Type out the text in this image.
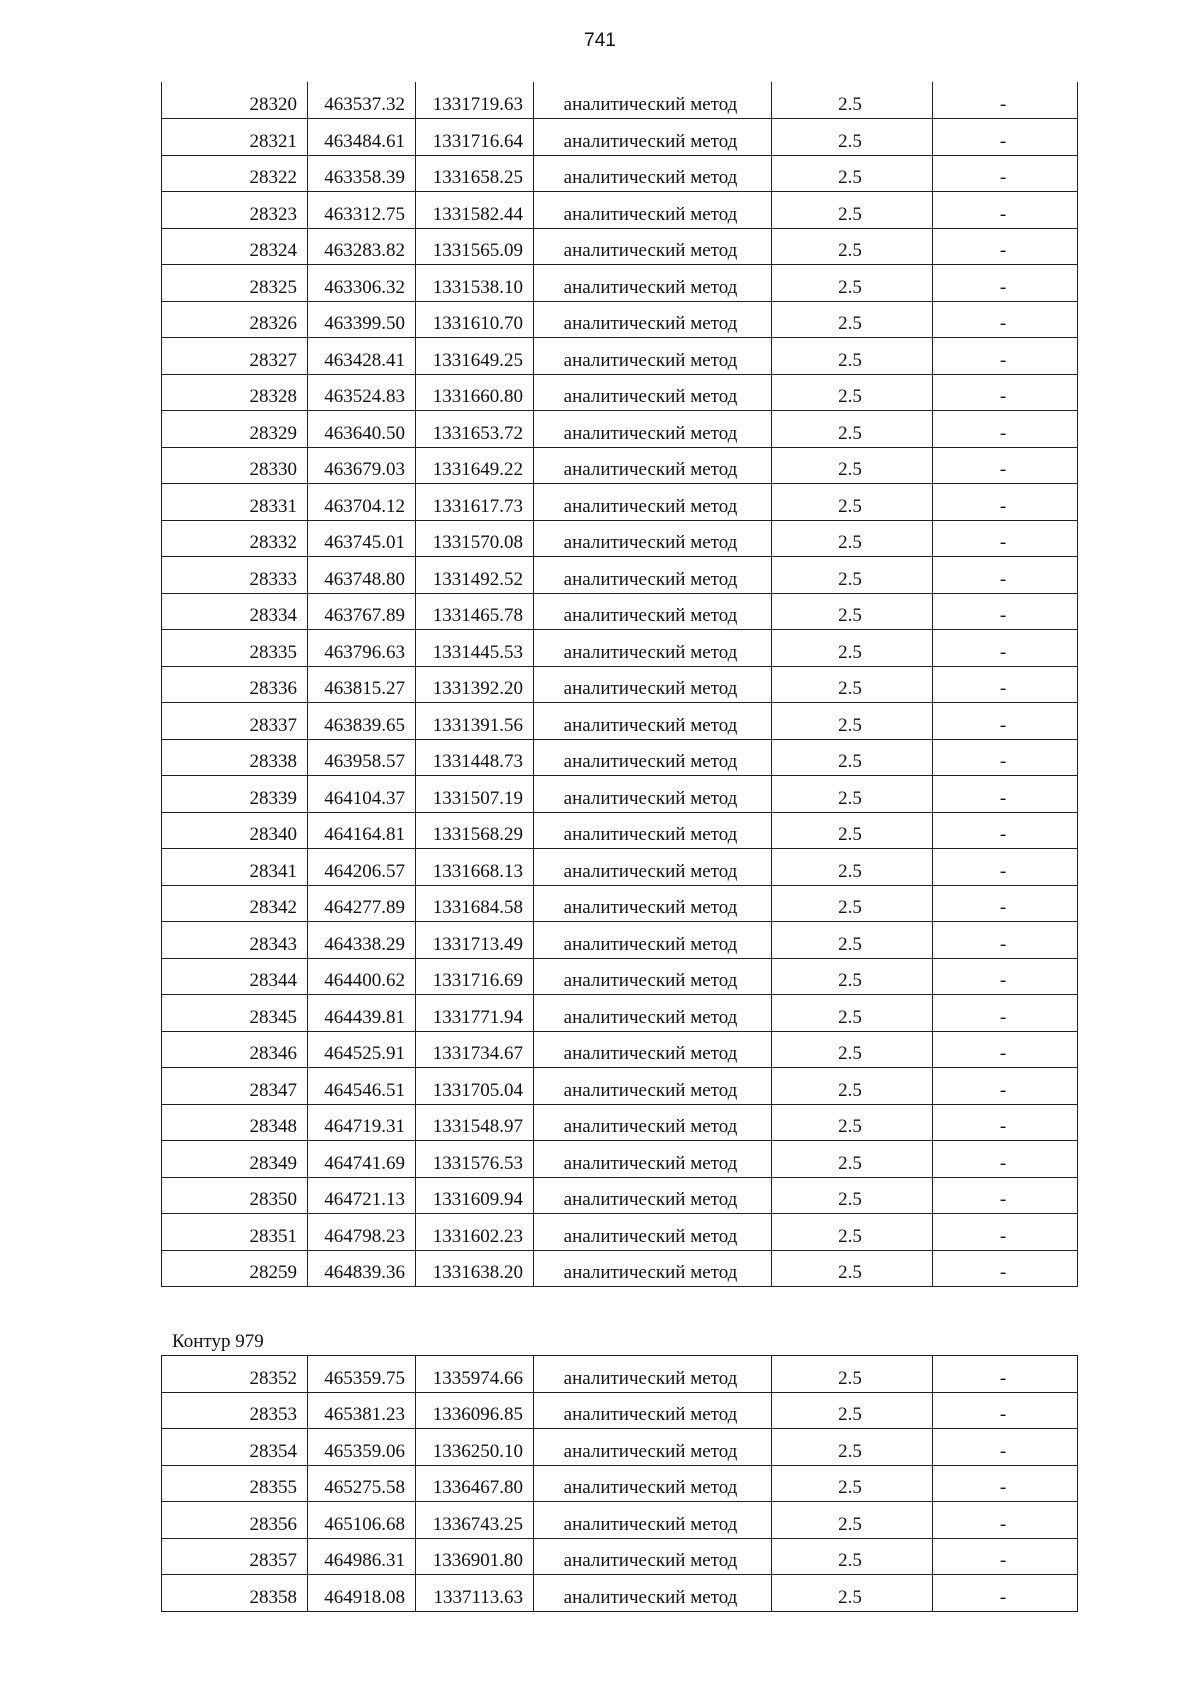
741
28320	463537.32	1331719.63	аналитический метод	2.5	-
28321	463484.61	1331716.64	аналитический метод	2.5	-
28322	463358.39	1331658.25	аналитический метод	2.5	-
28323	463312.75	1331582.44	аналитический метод	2.5	-
28324	463283.82	1331565.09	аналитический метод	2.5	-
28325	463306.32	1331538.10	аналитический метод	2.5	-
28326	463399.50	1331610.70	аналитический метод	2.5	-
28327	463428.41	1331649.25	аналитический метод	2.5	-
28328	463524.83	1331660.80	аналитический метод	2.5	-
28329	463640.50	1331653.72	аналитический метод	2.5	-
28330	463679.03	1331649.22	аналитический метод	2.5	-
28331	463704.12	1331617.73	аналитический метод	2.5	-
28332	463745.01	1331570.08	аналитический метод	2.5	-
28333	463748.80	1331492.52	аналитический метод	2.5	-
28334	463767.89	1331465.78	аналитический метод	2.5	-
28335	463796.63	1331445.53	аналитический метод	2.5	-
28336	463815.27	1331392.20	аналитический метод	2.5	-
28337	463839.65	1331391.56	аналитический метод	2.5	-
28338	463958.57	1331448.73	аналитический метод	2.5	-
28339	464104.37	1331507.19	аналитический метод	2.5	-
28340	464164.81	1331568.29	аналитический метод	2.5	-
28341	464206.57	1331668.13	аналитический метод	2.5	-
28342	464277.89	1331684.58	аналитический метод	2.5	-
28343	464338.29	1331713.49	аналитический метод	2.5	-
28344	464400.62	1331716.69	аналитический метод	2.5	-
28345	464439.81	1331771.94	аналитический метод	2.5	-
28346	464525.91	1331734.67	аналитический метод	2.5	-
28347	464546.51	1331705.04	аналитический метод	2.5	-
28348	464719.31	1331548.97	аналитический метод	2.5	-
28349	464741.69	1331576.53	аналитический метод	2.5	-
28350	464721.13	1331609.94	аналитический метод	2.5	-
28351	464798.23	1331602.23	аналитический метод	2.5	-
28259	464839.36	1331638.20	аналитический метод	2.5	-
Контур 979
28352	465359.75	1335974.66	аналитический метод	2.5	-
28353	465381.23	1336096.85	аналитический метод	2.5	-
28354	465359.06	1336250.10	аналитический метод	2.5	-
28355	465275.58	1336467.80	аналитический метод	2.5	-
28356	465106.68	1336743.25	аналитический метод	2.5	-
28357	464986.31	1336901.80	аналитический метод	2.5	-
28358	464918.08	1337113.63	аналитический метод	2.5	-
